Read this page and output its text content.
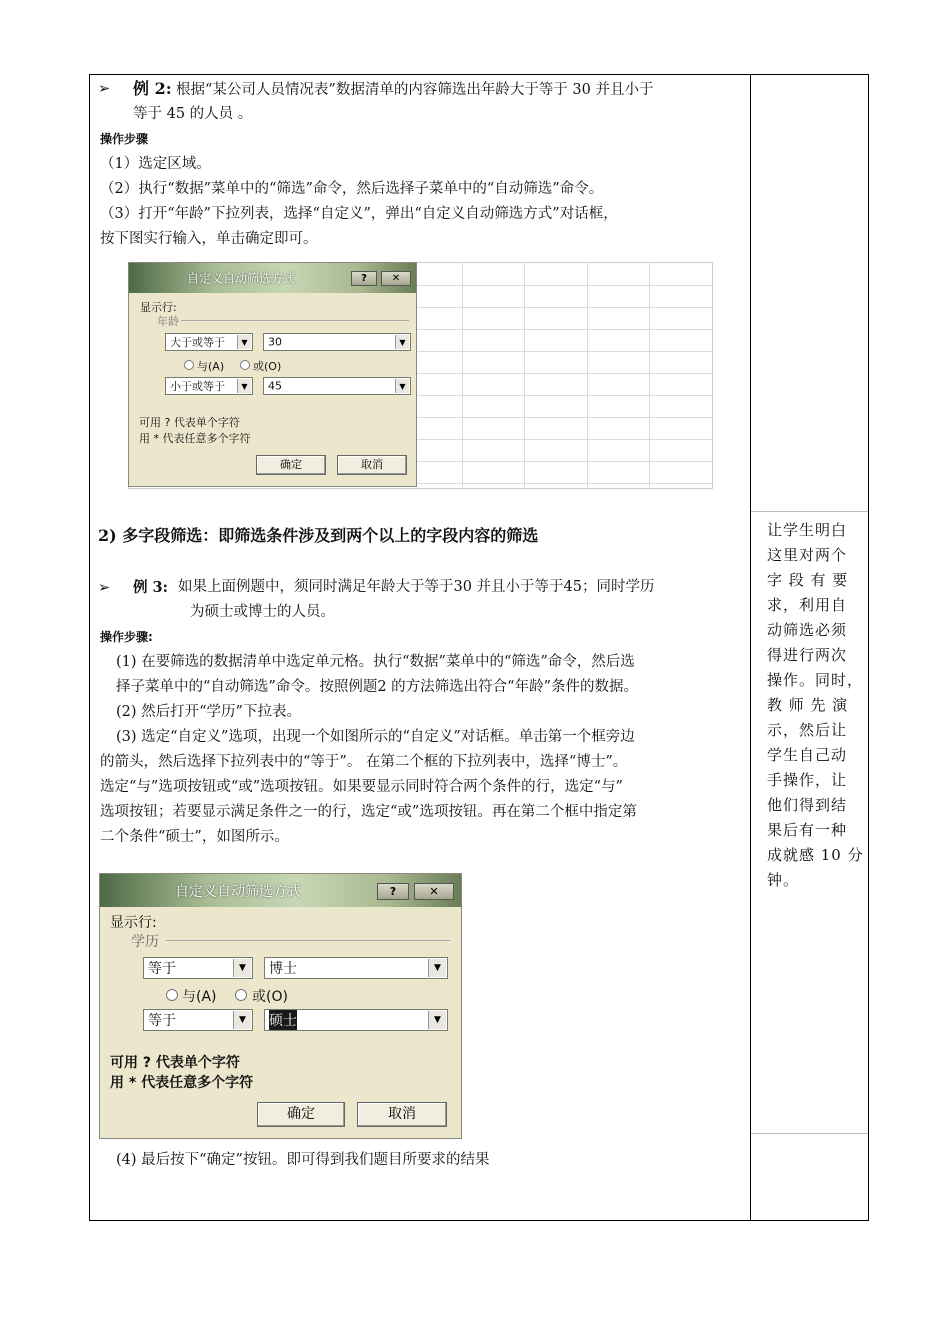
➢ 例 2: 根据“某公司人员情况表”数据清单的内容筛选出年龄大于等于 30 并且小于
等于 45 的人员 。
操作步骤
（1）选定区域。
（2）执行“数据”菜单中的“筛选”命令，然后选择子菜单中的“自动筛选”命令。
（3）打开“年龄”下拉列表，选择“自定义”，弹出“自定义自动筛选方式”对话框，
按下图实行输入，单击确定即可。
自定义自动筛选方式	?	✕
显示行:
年龄
大于或等于	▼	30	▼
与(A)	或(O)
小于或等于	▼	45	▼
可用 ? 代表单个字符
用 * 代表任意多个字符
确定	取消
2) 多字段筛选：即筛选条件涉及到两个以上的字段内容的筛选
➢ 例 3: 如果上面例题中，须同时满足年龄大于等于30 并且小于等于45；同时学历
为硕士或博士的人员。
操作步骤:
(1) 在要筛选的数据清单中选定单元格。执行“数据”菜单中的“筛选”命令，然后选
择子菜单中的“自动筛选”命令。按照例题2 的方法筛选出符合“年龄”条件的数据。
(2) 然后打开“学历”下拉表。
(3) 选定“自定义”选项，出现一个如图所示的“自定义”对话框。单击第一个框旁边
的箭头，然后选择下拉列表中的“等于”。 在第二个框的下拉列表中，选择“博士”。
选定“与”选项按钮或“或”选项按钮。如果要显示同时符合两个条件的行，选定“与”
选项按钮；若要显示满足条件之一的行，选定“或”选项按钮。再在第二个框中指定第
二个条件“硕士”，如图所示。
自定义自动筛选方式	?	✕
显示行:
学历
等于	▼	博士	▼
与(A)	或(O)
等于	▼	硕士	▼
可用 ? 代表单个字符
用 * 代表任意多个字符
确定	取消
(4) 最后按下“确定”按钮。即可得到我们题目所要求的结果
让学生明白
这里对两个
字 段 有 要
求，利用自
动筛选必须
得进行两次
操作。同时，
教 师 先 演
示，然后让
学生自己动
手操作，让
他们得到结
果后有一种
成就感 10 分
钟。
